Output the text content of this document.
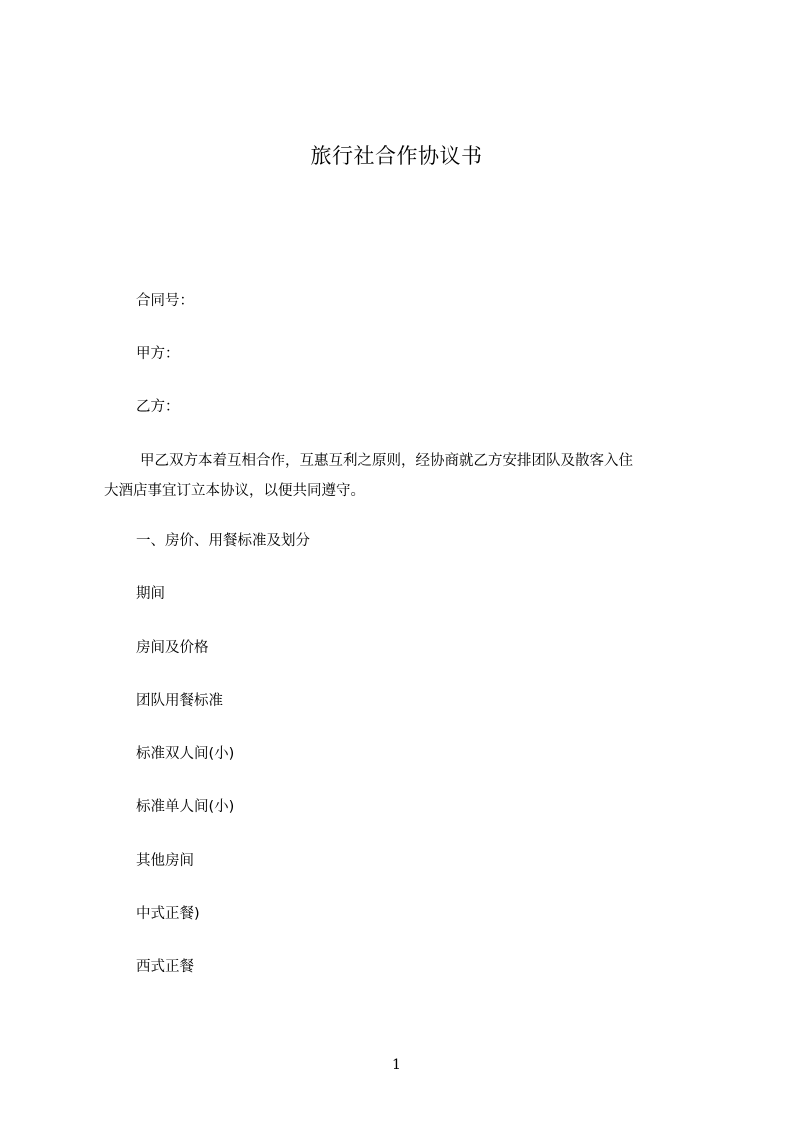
旅行社合作协议书
合同号：
甲方：
乙方：
甲乙双方本着互相合作，互惠互利之原则，经协商就乙方安排团队及散客入住
大酒店事宜订立本协议，以便共同遵守。
一、房价、用餐标准及划分
期间
房间及价格
团队用餐标准
标准双人间(小)
标准单人间(小)
其他房间
中式正餐)
西式正餐
1
